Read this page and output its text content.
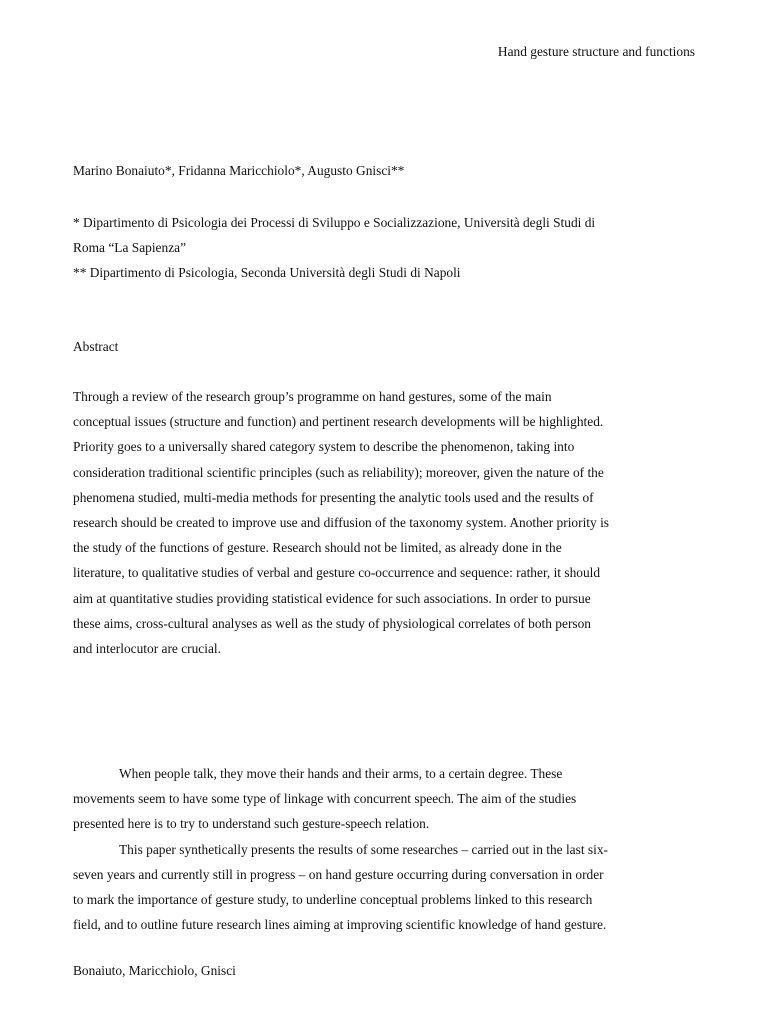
Hand gesture structure and functions
Marino Bonaiuto*, Fridanna Maricchiolo*, Augusto Gnisci**
* Dipartimento di Psicologia dei Processi di Sviluppo e Socializzazione, Università degli Studi di
Roma “La Sapienza”
** Dipartimento di Psicologia, Seconda Università degli Studi di Napoli
Abstract
Through a review of the research group’s programme on hand gestures, some of the main
conceptual issues (structure and function) and pertinent research developments will be highlighted.
Priority goes to a universally shared category system to describe the phenomenon, taking into
consideration traditional scientific principles (such as reliability); moreover, given the nature of the
phenomena studied, multi-media methods for presenting the analytic tools used and the results of
research should be created to improve use and diffusion of the taxonomy system. Another priority is
the study of the functions of gesture. Research should not be limited, as already done in the
literature, to qualitative studies of verbal and gesture co-occurrence and sequence: rather, it should
aim at quantitative studies providing statistical evidence for such associations. In order to pursue
these aims, cross-cultural analyses as well as the study of physiological correlates of both person
and interlocutor are crucial.
When people talk, they move their hands and their arms, to a certain degree. These
movements seem to have some type of linkage with concurrent speech. The aim of the studies
presented here is to try to understand such gesture-speech relation.
This paper synthetically presents the results of some researches – carried out in the last six-
seven years and currently still in progress – on hand gesture occurring during conversation in order
to mark the importance of gesture study, to underline conceptual problems linked to this research
field, and to outline future research lines aiming at improving scientific knowledge of hand gesture.
Bonaiuto, Maricchiolo, Gnisci
